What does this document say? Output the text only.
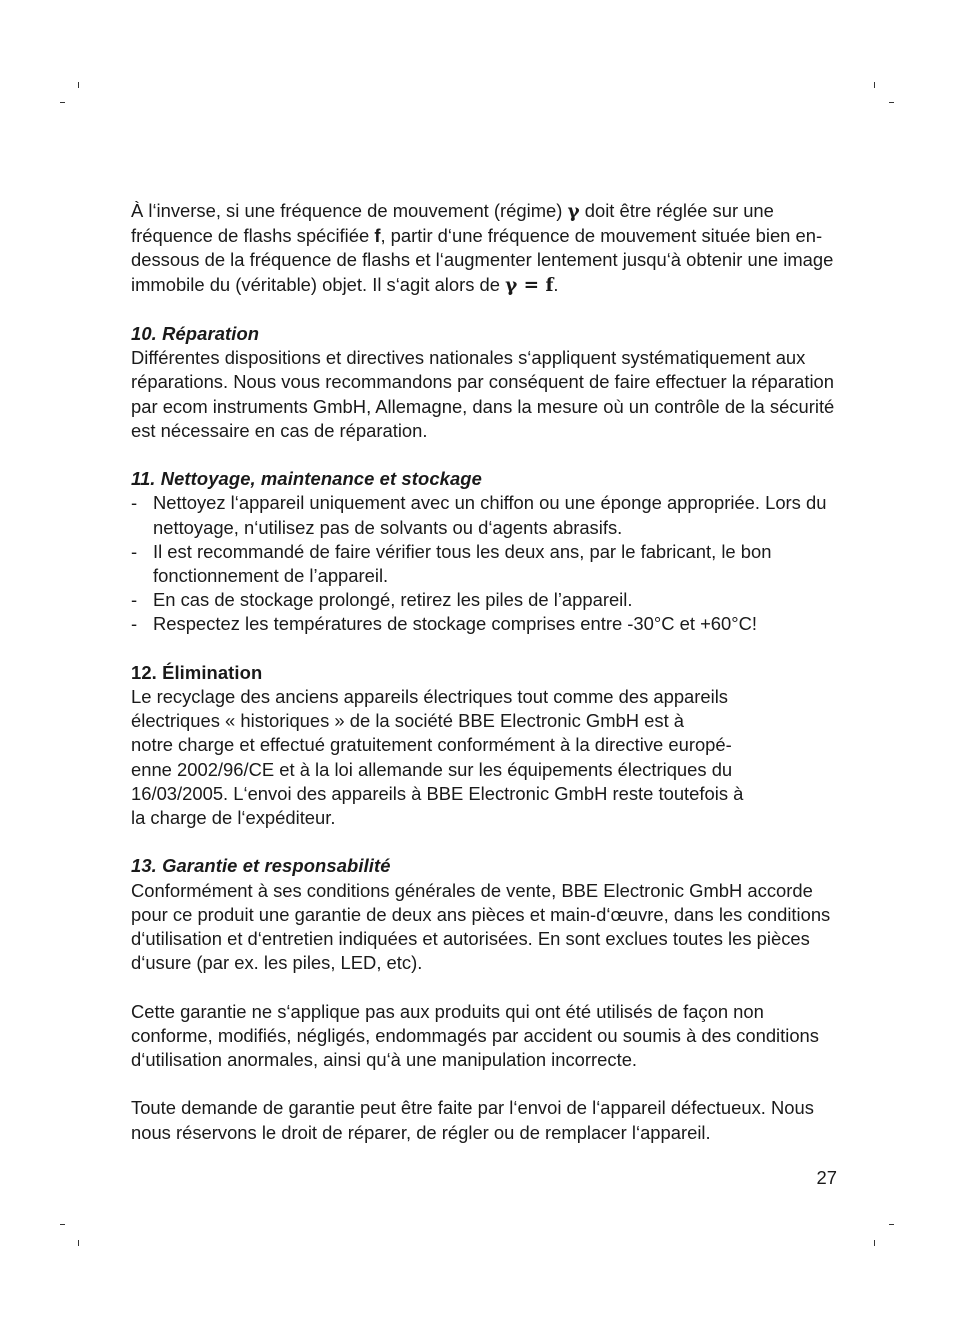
À l‘inverse, si une fréquence de mouvement (régime) γ doit être réglée sur une fréquence de flashs spécifiée f, partir d‘une fréquence de mouvement située bien en-dessous de la fréquence de flashs et l‘augmenter lentement jusqu‘à obtenir une image immobile du (véritable) objet. Il s‘agit alors de γ = f.

10. Réparation

Différentes dispositions et directives nationales s‘appliquent systématiquement aux réparations. Nous vous recommandons par conséquent de faire effectuer la réparation par ecom instruments GmbH, Allemagne, dans la mesure où un contrôle de la sécurité est nécessaire en cas de réparation.

11. Nettoyage, maintenance et stockage
- Nettoyez l‘appareil uniquement avec un chiffon ou une éponge appropriée. Lors du nettoyage, n‘utilisez pas de solvants ou d‘agents abrasifs.
- Il est recommandé de faire vérifier tous les deux ans, par le fabricant, le bon fonctionnement de l’appareil.
- En cas de stockage prolongé, retirez les piles de l’appareil.
- Respectez les températures de stockage comprises entre -30°C et +60°C!
12. Élimination
Le recyclage des anciens appareils électriques tout comme des appareils
électriques « historiques » de la société BBE Electronic GmbH est à
notre charge et effectué gratuitement conformément à la directive europé-
enne 2002/96/CE et à la loi allemande sur les équipements électriques du
16/03/2005. L‘envoi des appareils à BBE Electronic GmbH reste toutefois à
la charge de l‘expéditeur.
13. Garantie et responsabilité

Conformément à ses conditions générales de vente, BBE Electronic GmbH accorde pour ce produit une garantie de deux ans pièces et main-d‘œuvre, dans les conditions d‘utilisation et d‘entretien indiquées et autorisées. En sont exclues toutes les pièces d‘usure (par ex. les piles, LED, etc).

Cette garantie ne s‘applique pas aux produits qui ont été utilisés de façon non conforme, modifiés, négligés, endommagés par accident ou soumis à des conditions d‘utilisation anormales, ainsi qu‘à une manipulation incorrecte.

Toute demande de garantie peut être faite par l‘envoi de l‘appareil défectueux. Nous nous réservons le droit de réparer, de régler ou de remplacer l‘appareil.

27
